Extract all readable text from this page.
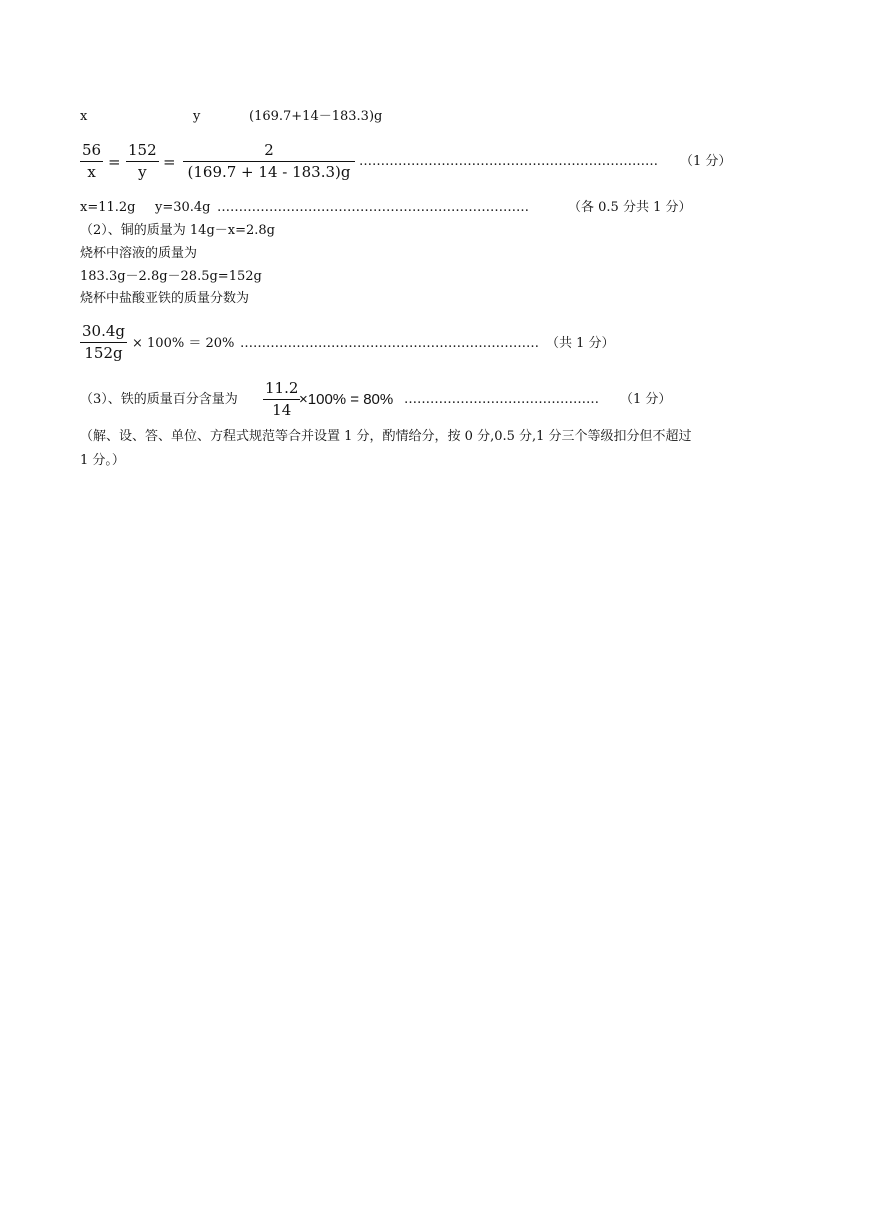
x	y	(169.7+14－183.3)g
56
x
=
152
y
=
2
(169.7 + 14 - 183.3)g
……………………………………………………………	（1 分）
x=11.2g y=30.4g ………………………………………………………………	（各 0.5 分共 1 分）
（2）、铜的质量为 14g－x=2.8g
烧杯中溶液的质量为
183.3g－2.8g－28.5g=152g
烧杯中盐酸亚铁的质量分数为
30.4g
152g
× 100% ＝ 20% …………………………………………………………… （共 1 分）
（3）、铁的质量百分含量为
11.2
14
×100% = 80% ………………………………………	（1 分）
（解、设、答、单位、方程式规范等合并设置 1 分，酌情给分，按 0 分,0.5 分,1 分三个等级扣分但不超过
1 分。）
